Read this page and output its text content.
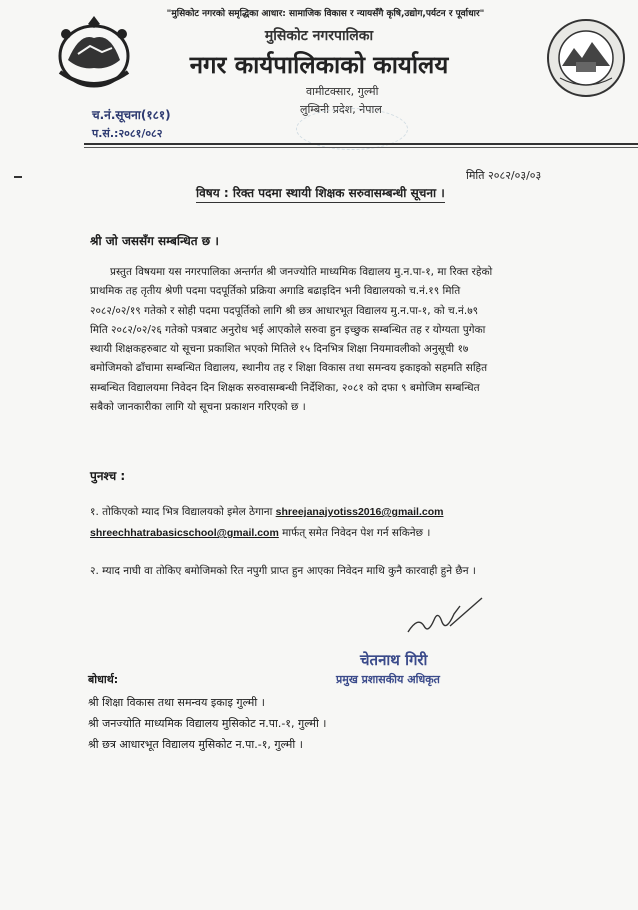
"मुसिकोट नगरको समृद्धिका आधार: सामाजिक विकास र न्यायसँगै कृषि,उद्योग,पर्यटन र पूर्वाधार"
मुसिकोट नगरपालिका
नगर कार्यपालिकाको कार्यालय
वामीटक्सार, गुल्मी
लुम्बिनी प्रदेश, नेपाल
च.नं.सूचना(१८१)
प.सं.:२०८१/०८२
मिति २०८२/०३/०३
विषय : रिक्त पदमा स्थायी शिक्षक सरुवासम्बन्धी सूचना ।
श्री जो जससँग सम्बन्धित छ ।
प्रस्तुत विषयमा यस नगरपालिका अन्तर्गत श्री जनज्योति माध्यमिक विद्यालय मु.न.पा-१, मा रिक्त रहेको
प्राथमिक तह तृतीय श्रेणी पदमा पदपूर्तिको प्रक्रिया अगाडि बढाइदिन भनी विद्यालयको च.नं.१९ मिति
२०८२/०२/१९ गतेको र सोही पदमा पदपूर्तिको लागि श्री छत्र आधारभूत विद्यालय मु.न.पा-१, को च.नं.७९
मिति २०८२/०२/२६ गतेको पत्रबाट अनुरोध भई आएकोले सरुवा हुन इच्छुक सम्बन्धित तह र योग्यता पुगेका
स्थायी शिक्षकहरुबाट यो सूचना प्रकाशित भएको मितिले १५ दिनभित्र शिक्षा नियमावलीको अनुसूची १७
बमोजिमको ढाँचामा सम्बन्धित विद्यालय, स्थानीय तह र शिक्षा विकास तथा समन्वय इकाइको सहमति सहित
सम्बन्धित विद्यालयमा निवेदन दिन शिक्षक सरुवासम्बन्धी निर्देशिका, २०८१ को दफा ९ बमोजिम सम्बन्धित
सबैको जानकारीका लागि यो सूचना प्रकाशन गरिएको छ ।
पुनश्च :
१. तोकिएको म्याद भित्र विद्यालयको इमेल ठेगाना shreejanajyotiss2016@gmail.com
shreechhatrabasicschool@gmail.com मार्फत् समेत निवेदन पेश गर्न सकिनेछ ।
२. म्याद नाघी वा तोकिए बमोजिमको रित नपुगी प्राप्त हुन आएका निवेदन माथि कुनै कारवाही हुने छैन ।
चेतनाथ गिरी
प्रमुख प्रशासकीय अधिकृत
बोधार्थ:
श्री शिक्षा विकास तथा समन्वय इकाइ गुल्मी ।
श्री जनज्योति माध्यमिक विद्यालय मुसिकोट न.पा.-१, गुल्मी ।
श्री छत्र आधारभूत विद्यालय मुसिकोट न.पा.-१, गुल्मी ।
